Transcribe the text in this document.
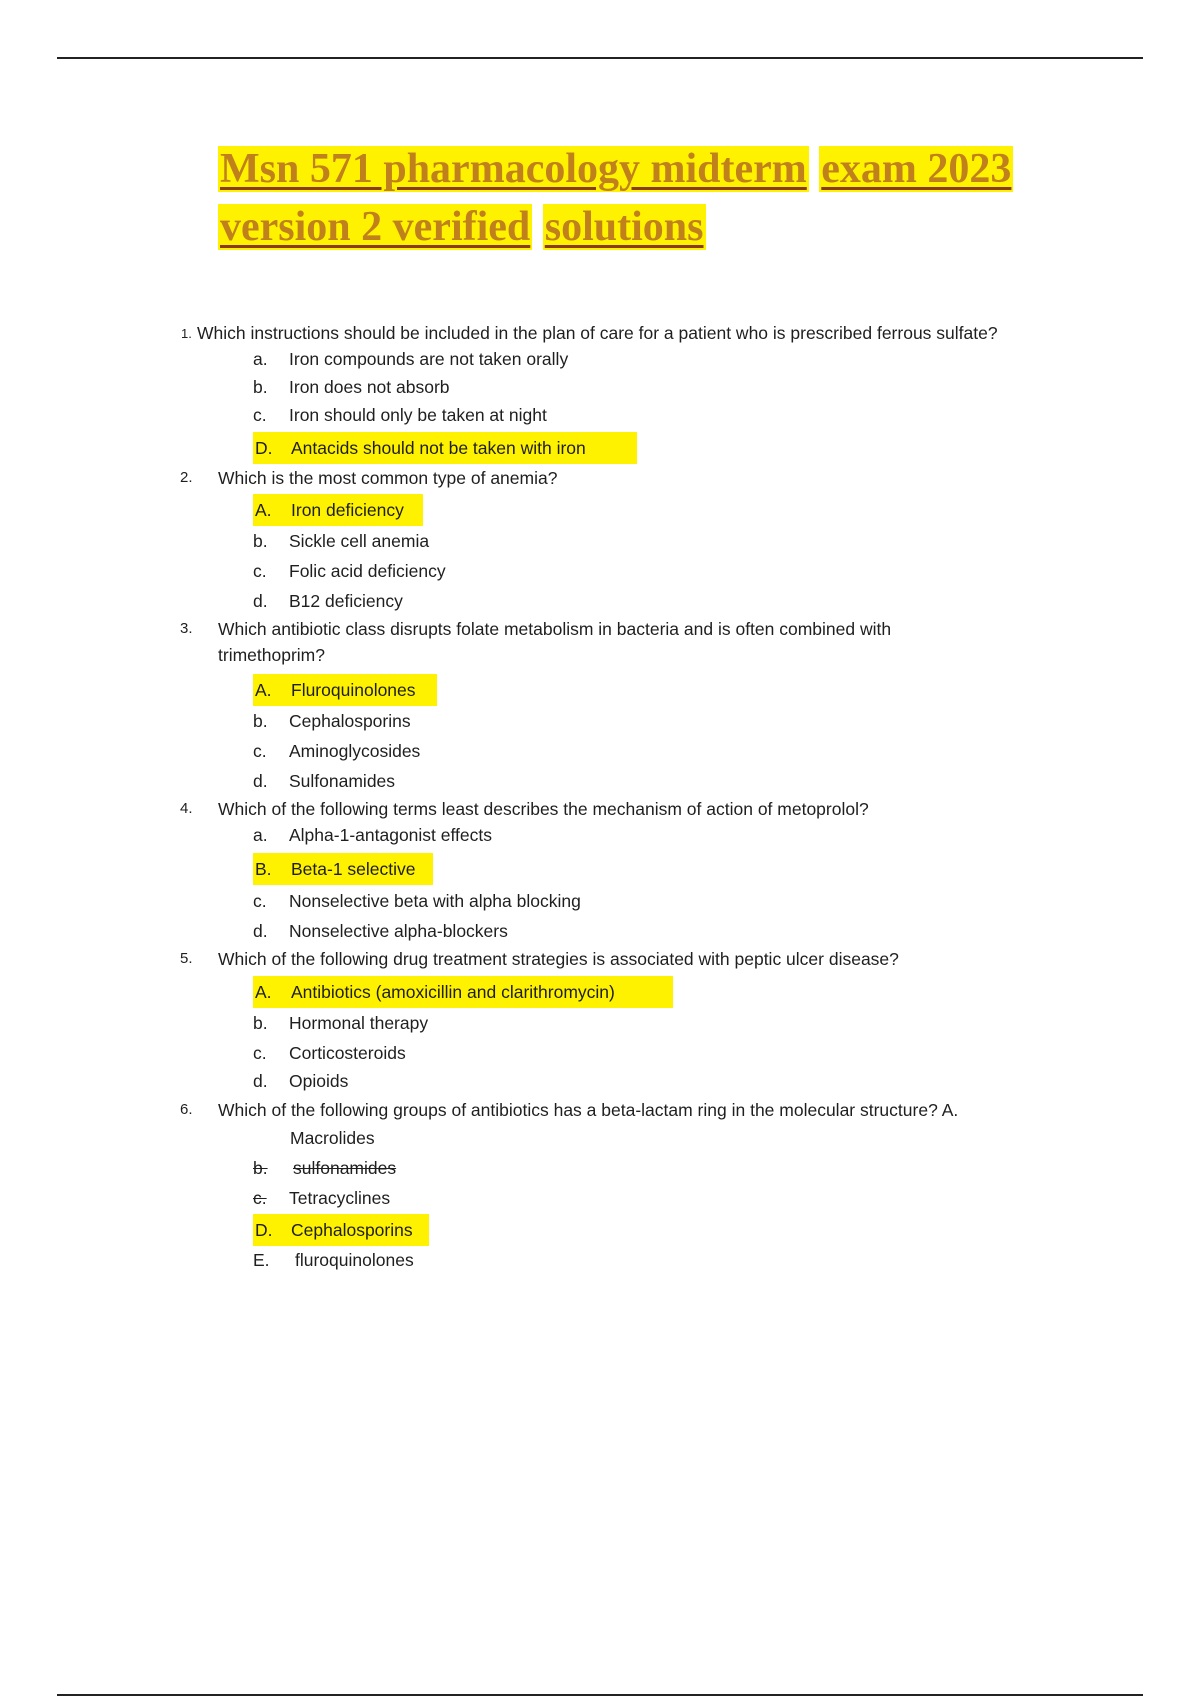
Msn 571 pharmacology midterm exam 2023
version 2 verified solutions
1. Which instructions should be included in the plan of care for a patient who is prescribed ferrous sulfate?
a.	Iron compounds are not taken orally
b.	Iron does not absorb
c.	Iron should only be taken at night
D.	Antacids should not be taken with iron
2. Which is the most common type of anemia?
A.	Iron deficiency
b.	Sickle cell anemia
c.	Folic acid deficiency
d.	B12 deficiency
3. Which antibiotic class disrupts folate metabolism in bacteria and is often combined with trimethoprim?
A.	Fluroquinolones
b.	Cephalosporins
c.	Aminoglycosides
d.	Sulfonamides
4. Which of the following terms least describes the mechanism of action of metoprolol?
a.	Alpha-1-antagonist effects
B.	Beta-1 selective
c.	Nonselective beta with alpha blocking
d.	Nonselective alpha-blockers
5. Which of the following drug treatment strategies is associated with peptic ulcer disease?
A.	Antibiotics (amoxicillin and clarithromycin)
b.	Hormonal therapy
c.	Corticosteroids
d.	Opioids
6. Which of the following groups of antibiotics has a beta-lactam ring in the molecular structure? A.
Macrolides
b.	sulfonamides
c.	Tetracyclines
D.	Cephalosporins
E.	fluroquinolones
